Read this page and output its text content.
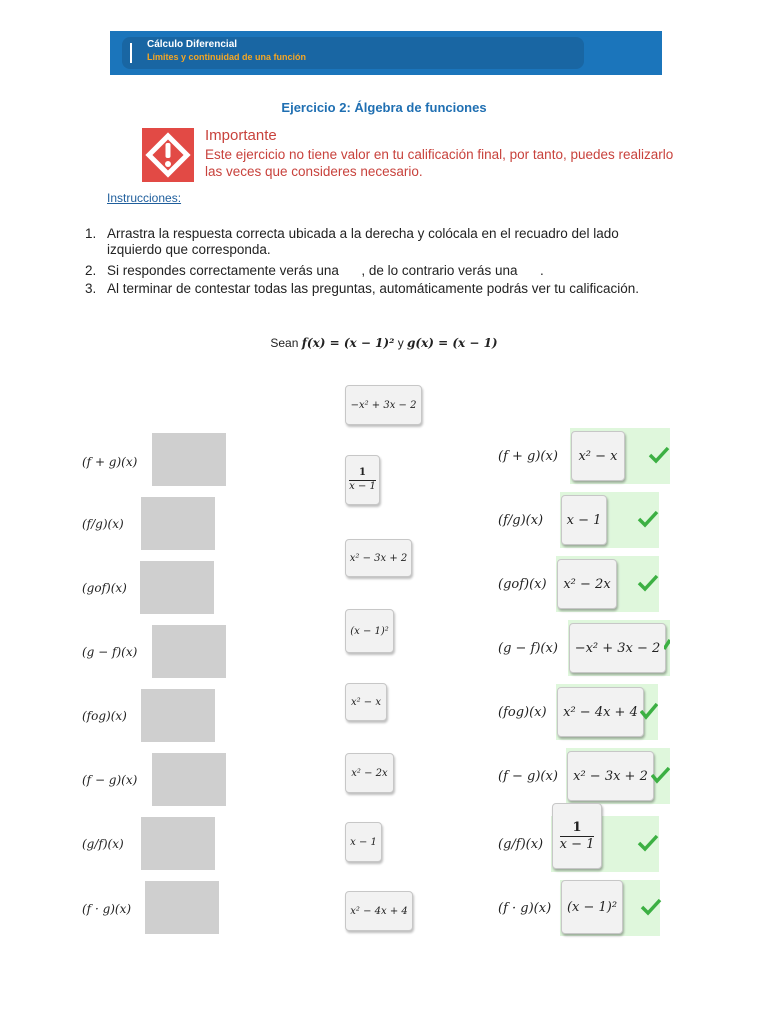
Cálculo Diferencial
Límites y continuidad de una función
Ejercicio 2: Álgebra de funciones
Importante
Este ejercicio no tiene valor en tu calificación final, por tanto, puedes realizarlo las veces que consideres necesario.
Instrucciones:
1. Arrastra la respuesta correcta ubicada a la derecha y colócala en el recuadro del lado izquierdo que corresponda.
2. Si respondes correctamente verás una      , de lo contrario verás una      .
3. Al terminar de contestar todas las preguntas, automáticamente podrás ver tu calificación.
Sean f(x) = (x − 1)² y g(x) = (x − 1)
(f + g)(x)
(f/g)(x)
(gof)(x)
(g − f)(x)
(fog)(x)
(f − g)(x)
(g/f)(x)
(f · g)(x)
−x² + 3x − 2
$\frac{1}{x - 1}$
x² − 3x + 2
(x − 1)²
x² − x
x² − 2x
x − 1
x² − 4x + 4
(f + g)(x)	x² − x
(f/g)(x)	x − 1
(gof)(x)	x² − 2x
(g − f)(x)	−x² + 3x − 2
(fog)(x)	x² − 4x + 4
(f − g)(x)	x² − 3x + 2
$(g/f)(x) \frac{1}{x - 1}$
(f · g)(x)	(x − 1)²
